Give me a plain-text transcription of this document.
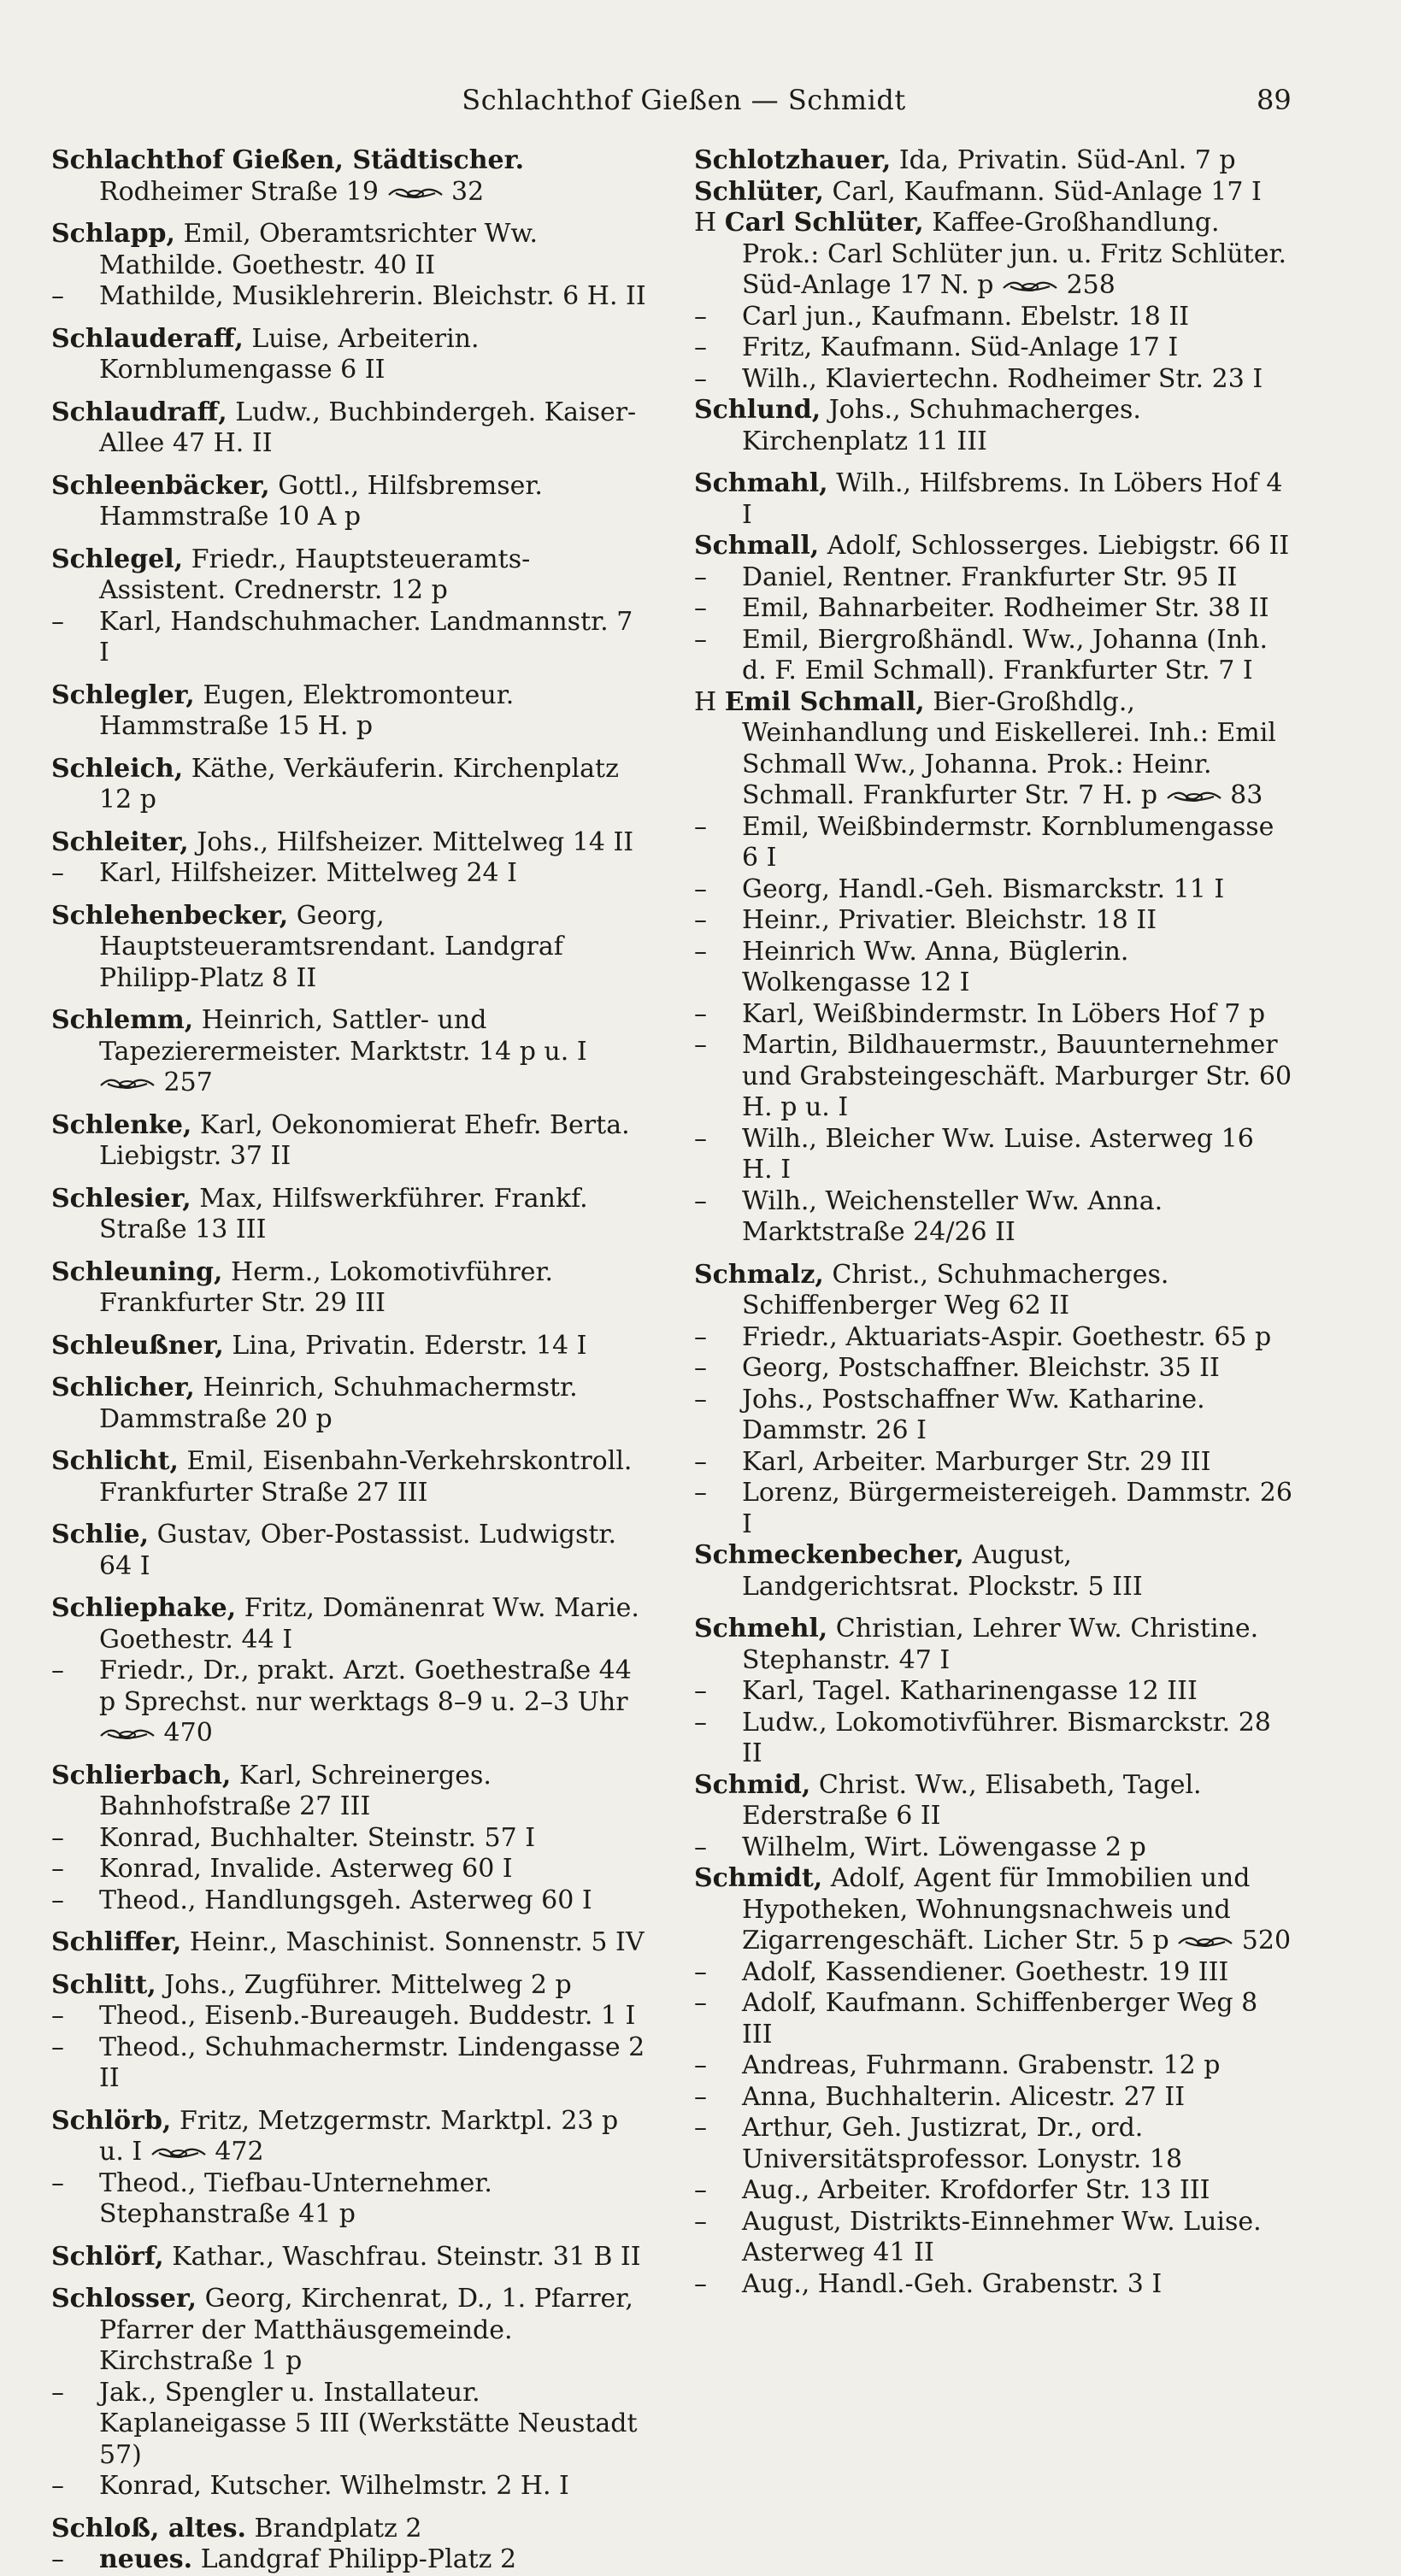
Schlachthof Gießen — Schmidt	89
Schlachthof Gießen, Städtischer. Rodheimer Straße 19	32
Schlapp, Emil, Oberamtsrichter Ww. Mathilde. Goethestr. 40 II
– Mathilde, Musiklehrerin. Bleichstr. 6 H. II
Schlauderaff, Luise, Arbeiterin. Kornblumengasse 6 II
Schlaudraff, Ludw., Buchbindergeh. Kaiser-Allee 47 H. II
Schleenbäcker, Gottl., Hilfsbremser. Hammstraße 10 A p
Schlegel, Friedr., Hauptsteueramts-Assistent. Crednerstr. 12 p
– Karl, Handschuhmacher. Landmannstr. 7 I
Schlegler, Eugen, Elektromonteur. Hammstraße 15 H. p
Schleich, Käthe, Verkäuferin. Kirchenplatz 12 p
Schleiter, Johs., Hilfsheizer. Mittelweg 14 II
– Karl, Hilfsheizer. Mittelweg 24 I
Schlehenbecker, Georg, Hauptsteueramtsrendant. Landgraf Philipp-Platz 8 II
Schlemm, Heinrich, Sattler- und Tapezierermeister. Marktstr. 14 p u. I  257
Schlenke, Karl, Oekonomierat Ehefr. Berta. Liebigstr. 37 II
Schlesier, Max, Hilfswerkführer. Frankf. Straße 13 III
Schleuning, Herm., Lokomotivführer. Frankfurter Str. 29 III
Schleußner, Lina, Privatin. Ederstr. 14 I
Schlicher, Heinrich, Schuhmachermstr. Dammstraße 20 p
Schlicht, Emil, Eisenbahn-Verkehrskontroll. Frankfurter Straße 27 III
Schlie, Gustav, Ober-Postassist. Ludwigstr. 64 I
Schliephake, Fritz, Domänenrat Ww. Marie. Goethestr. 44 I
– Friedr., Dr., prakt. Arzt. Goethestraße 44 p Sprechst. nur werktags 8–9 u. 2–3 Uhr  470
Schlierbach, Karl, Schreinerges. Bahnhofstraße 27 III
– Konrad, Buchhalter. Steinstr. 57 I
– Konrad, Invalide. Asterweg 60 I
– Theod., Handlungsgeh. Asterweg 60 I
Schliffer, Heinr., Maschinist. Sonnenstr. 5 IV
Schlitt, Johs., Zugführer. Mittelweg 2 p
– Theod., Eisenb.-Bureaugeh. Buddestr. 1 I
– Theod., Schuhmachermstr. Lindengasse 2 II
Schlörb, Fritz, Metzgermstr. Marktpl. 23 p u. I	472
– Theod., Tiefbau-Unternehmer. Stephanstraße 41 p
Schlörf, Kathar., Waschfrau. Steinstr. 31 B II
Schlosser, Georg, Kirchenrat, D., 1. Pfarrer, Pfarrer der Matthäusgemeinde. Kirchstraße 1 p
– Jak., Spengler u. Installateur. Kaplaneigasse 5 III (Werkstätte Neustadt 57)
– Konrad, Kutscher. Wilhelmstr. 2 H. I
Schloß, altes. Brandplatz 2
– neues. Landgraf Philipp-Platz 2
Schlotzhauer, Ida, Privatin. Süd-Anl. 7 p
Schlüter, Carl, Kaufmann. Süd-Anlage 17 I
H Carl Schlüter, Kaffee-Großhandlung. Prok.: Carl Schlüter jun. u. Fritz Schlüter. Süd-Anlage 17 N. p	258
– Carl jun., Kaufmann. Ebelstr. 18 II
– Fritz, Kaufmann. Süd-Anlage 17 I
– Wilh., Klaviertechn. Rodheimer Str. 23 I
Schlund, Johs., Schuhmacherges. Kirchenplatz 11 III
Schmahl, Wilh., Hilfsbrems. In Löbers Hof 4 I
Schmall, Adolf, Schlosserges. Liebigstr. 66 II
– Daniel, Rentner. Frankfurter Str. 95 II
– Emil, Bahnarbeiter. Rodheimer Str. 38 II
– Emil, Biergroßhändl. Ww., Johanna (Inh. d. F. Emil Schmall). Frankfurter Str. 7 I
H Emil Schmall, Bier-Großhdlg., Weinhandlung und Eiskellerei. Inh.: Emil Schmall Ww., Johanna. Prok.: Heinr. Schmall. Frankfurter Str. 7 H. p	83
– Emil, Weißbindermstr. Kornblumengasse 6 I
– Georg, Handl.-Geh. Bismarckstr. 11 I
– Heinr., Privatier. Bleichstr. 18 II
– Heinrich Ww. Anna, Büglerin. Wolkengasse 12 I
– Karl, Weißbindermstr. In Löbers Hof 7 p
– Martin, Bildhauermstr., Bauunternehmer und Grabsteingeschäft. Marburger Str. 60 H. p u. I
– Wilh., Bleicher Ww. Luise. Asterweg 16 H. I
– Wilh., Weichensteller Ww. Anna. Marktstraße 24/26 II
Schmalz, Christ., Schuhmacherges. Schiffenberger Weg 62 II
– Friedr., Aktuariats-Aspir. Goethestr. 65 p
– Georg, Postschaffner. Bleichstr. 35 II
– Johs., Postschaffner Ww. Katharine. Dammstr. 26 I
– Karl, Arbeiter. Marburger Str. 29 III
– Lorenz, Bürgermeistereigeh. Dammstr. 26 I
Schmeckenbecher, August, Landgerichtsrat. Plockstr. 5 III
Schmehl, Christian, Lehrer Ww. Christine. Stephanstr. 47 I
– Karl, Tagel. Katharinengasse 12 III
– Ludw., Lokomotivführer. Bismarckstr. 28 II
Schmid, Christ. Ww., Elisabeth, Tagel. Ederstraße 6 II
– Wilhelm, Wirt. Löwengasse 2 p
Schmidt, Adolf, Agent für Immobilien und Hypotheken, Wohnungsnachweis und Zigarrengeschäft. Licher Str. 5 p	520
– Adolf, Kassendiener. Goethestr. 19 III
– Adolf, Kaufmann. Schiffenberger Weg 8 III
– Andreas, Fuhrmann. Grabenstr. 12 p
– Anna, Buchhalterin. Alicestr. 27 II
– Arthur, Geh. Justizrat, Dr., ord. Universitätsprofessor. Lonystr. 18
– Aug., Arbeiter. Krofdorfer Str. 13 III
– August, Distrikts-Einnehmer Ww. Luise. Asterweg 41 II
– Aug., Handl.-Geh. Grabenstr. 3 I
